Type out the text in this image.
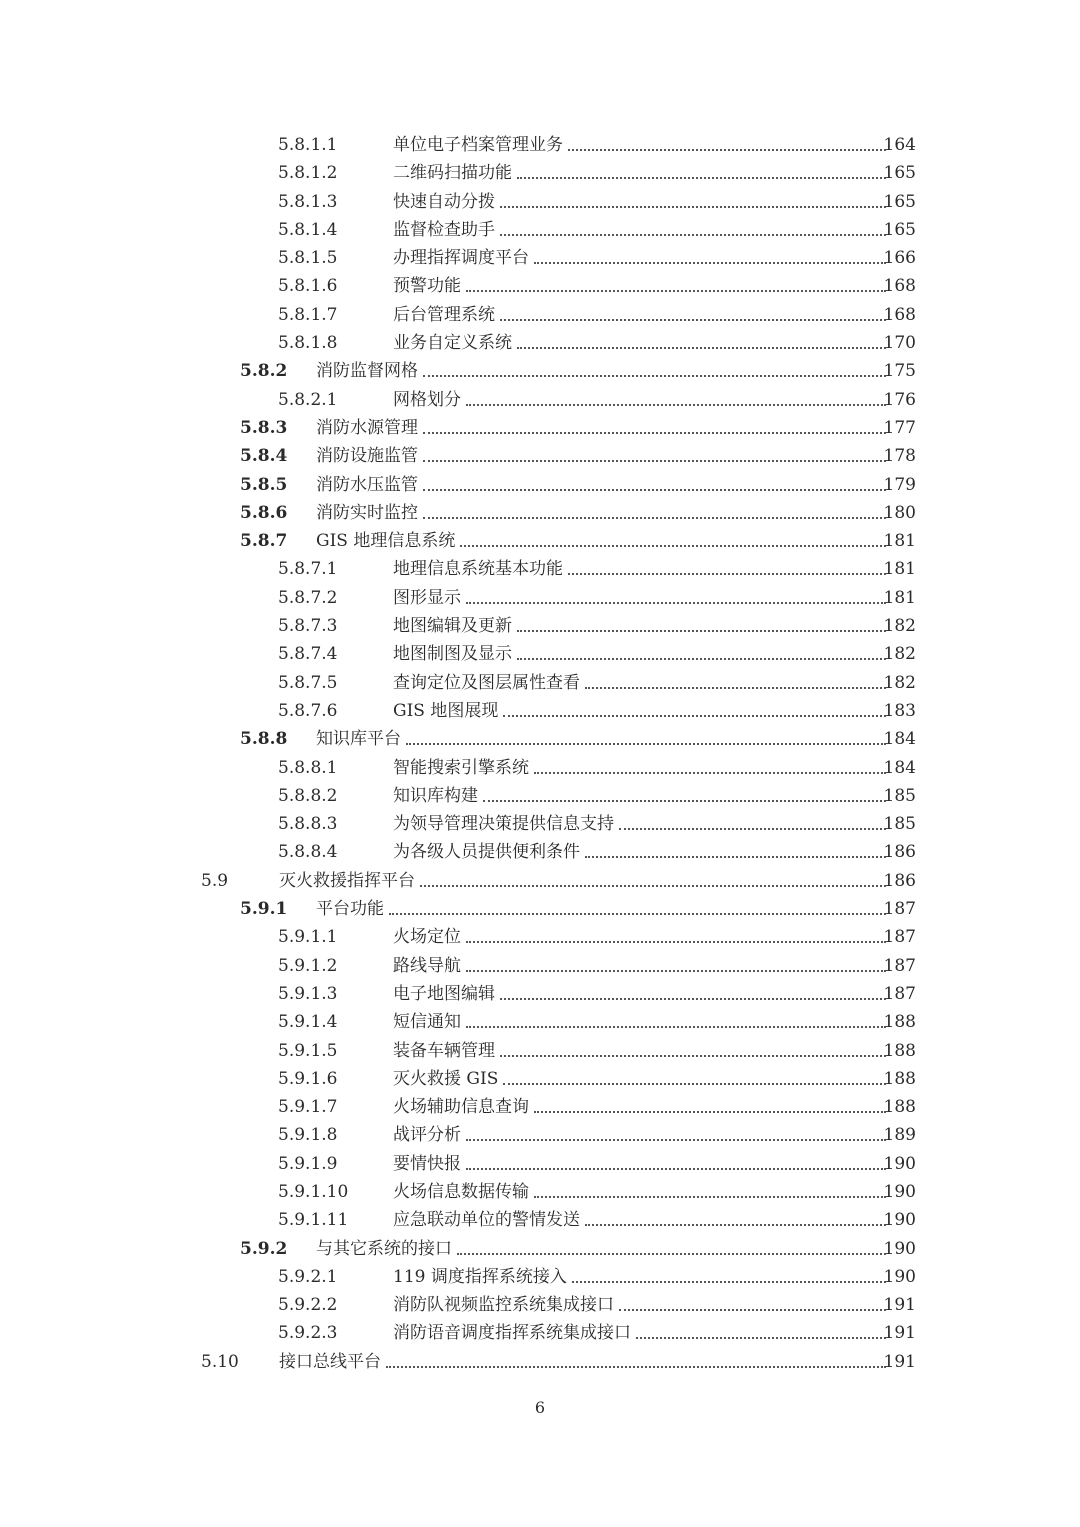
5.8.1.1	单位电子档案管理业务	164
5.8.1.2	二维码扫描功能	165
5.8.1.3	快速自动分拨	165
5.8.1.4	监督检查助手	165
5.8.1.5	办理指挥调度平台	166
5.8.1.6	预警功能	168
5.8.1.7	后台管理系统	168
5.8.1.8	业务自定义系统	170
5.8.2 消防监督网格	175
5.8.2.1	网格划分	176
5.8.3 消防水源管理	177
5.8.4 消防设施监管	178
5.8.5 消防水压监管	179
5.8.6 消防实时监控	180
5.8.7 GIS 地理信息系统	181
5.8.7.1	地理信息系统基本功能	181
5.8.7.2	图形显示	181
5.8.7.3	地图编辑及更新	182
5.8.7.4	地图制图及显示	182
5.8.7.5	查询定位及图层属性查看	182
5.8.7.6	GIS 地图展现	183
5.8.8 知识库平台	184
5.8.8.1	智能搜索引擎系统	184
5.8.8.2	知识库构建	185
5.8.8.3	为领导管理决策提供信息支持	185
5.8.8.4	为各级人员提供便利条件	186
5.9	灭火救援指挥平台	186
5.9.1 平台功能	187
5.9.1.1	火场定位	187
5.9.1.2	路线导航	187
5.9.1.3	电子地图编辑	187
5.9.1.4	短信通知	188
5.9.1.5	装备车辆管理	188
5.9.1.6	灭火救援 GIS	188
5.9.1.7	火场辅助信息查询	188
5.9.1.8	战评分析	189
5.9.1.9	要情快报	190
5.9.1.10	火场信息数据传输	190
5.9.1.11	应急联动单位的警情发送	190
5.9.2 与其它系统的接口	190
5.9.2.1	119 调度指挥系统接入	190
5.9.2.2	消防队视频监控系统集成接口	191
5.9.2.3	消防语音调度指挥系统集成接口	191
5.10 接口总线平台	191
6
